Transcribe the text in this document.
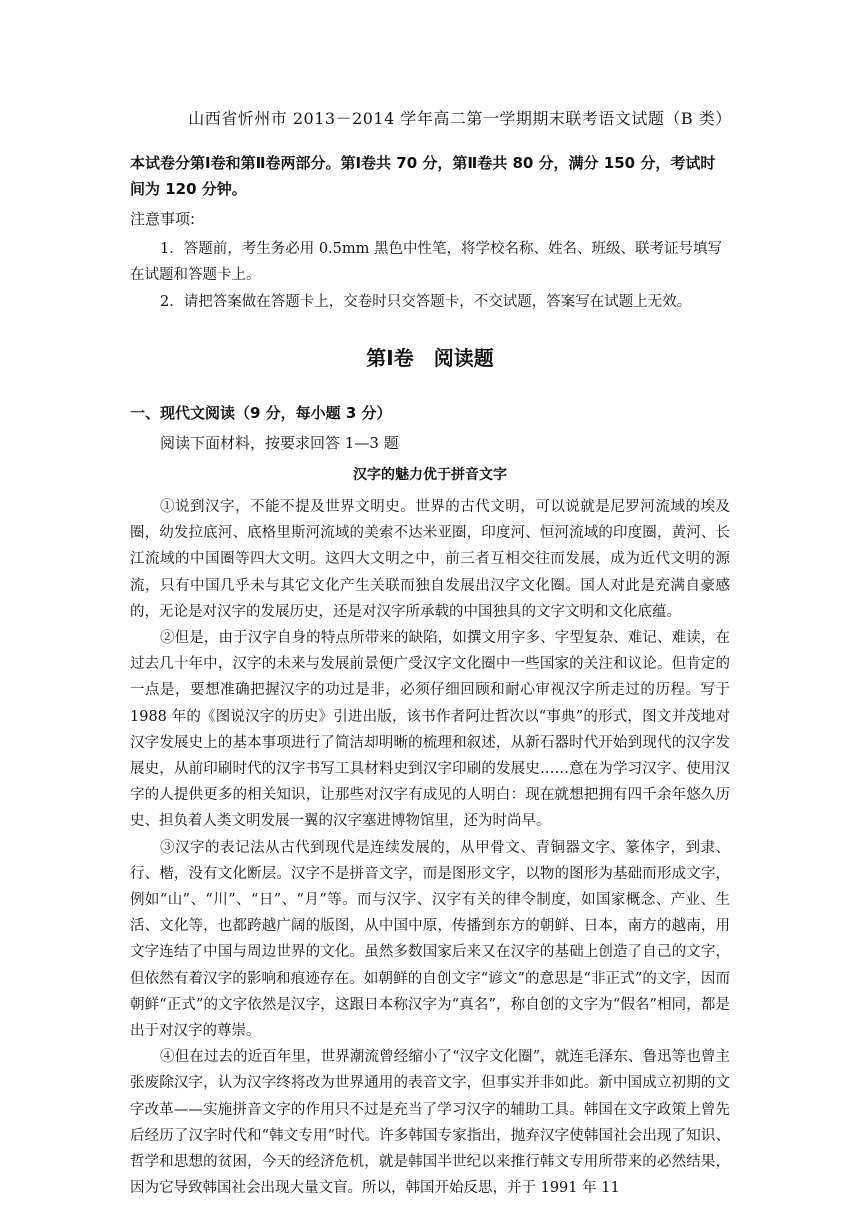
山西省忻州市 2013－2014 学年高二第一学期期末联考语文试题（B 类）
本试卷分第Ⅰ卷和第Ⅱ卷两部分。第Ⅰ卷共 70 分，第Ⅱ卷共 80 分，满分 150 分，考试时间为 120 分钟。
注意事项:
1．答题前，考生务必用 0.5mm 黑色中性笔，将学校名称、姓名、班级、联考证号填写在试题和答题卡上。
2．请把答案做在答题卡上，交卷时只交答题卡，不交试题，答案写在试题上无效。
第Ⅰ卷　阅读题
一、现代文阅读（9 分，每小题 3 分）
阅读下面材料，按要求回答 1—3 题
汉字的魅力优于拼音文字

①说到汉字，不能不提及世界文明史。世界的古代文明，可以说就是尼罗河流域的埃及圈，幼发拉底河、底格里斯河流域的美索不达米亚圈，印度河、恒河流域的印度圈，黄河、长江流域的中国圈等四大文明。这四大文明之中，前三者互相交往而发展，成为近代文明的源流，只有中国几乎未与其它文化产生关联而独自发展出汉字文化圈。国人对此是充满自豪感的，无论是对汉字的发展历史，还是对汉字所承载的中国独具的文字文明和文化底蕴。

②但是，由于汉字自身的特点所带来的缺陷，如撰文用字多、字型复杂、难记、难读，在过去几十年中，汉字的未来与发展前景便广受汉字文化圈中一些国家的关注和议论。但肯定的一点是，要想准确把握汉字的功过是非，必须仔细回顾和耐心审视汉字所走过的历程。写于 1988 年的《图说汉字的历史》引进出版，该书作者阿辻哲次以“事典”的形式，图文并茂地对汉字发展史上的基本事项进行了简洁却明晰的梳理和叙述，从新石器时代开始到现代的汉字发展史，从前印刷时代的汉字书写工具材料史到汉字印刷的发展史……意在为学习汉字、使用汉字的人提供更多的相关知识，让那些对汉字有成见的人明白：现在就想把拥有四千余年悠久历史、担负着人类文明发展一翼的汉字塞进博物馆里，还为时尚早。

③汉字的表记法从古代到现代是连续发展的，从甲骨文、青铜器文字、篆体字，到隶、行、楷，没有文化断层。汉字不是拼音文字，而是图形文字，以物的图形为基础而形成文字，例如“山”、“川”、“日”、“月”等。而与汉字、汉字有关的律令制度，如国家概念、产业、生活、文化等，也都跨越广阔的版图，从中国中原，传播到东方的朝鲜、日本，南方的越南，用文字连结了中国与周边世界的文化。虽然多数国家后来又在汉字的基础上创造了自己的文字，但依然有着汉字的影响和痕迹存在。如朝鲜的自创文字“谚文”的意思是“非正式”的文字，因而朝鲜“正式”的文字依然是汉字，这跟日本称汉字为“真名”，称自创的文字为“假名”相同，都是出于对汉字的尊崇。

④但在过去的近百年里，世界潮流曾经缩小了“汉字文化圈”，就连毛泽东、鲁迅等也曾主张废除汉字，认为汉字终将改为世界通用的表音文字，但事实并非如此。新中国成立初期的文字改革——实施拼音文字的作用只不过是充当了学习汉字的辅助工具。韩国在文字政策上曾先后经历了汉字时代和“韩文专用”时代。许多韩国专家指出，抛弃汉字使韩国社会出现了知识、哲学和思想的贫困，今天的经济危机，就是韩国半世纪以来推行韩文专用所带来的必然结果，因为它导致韩国社会出现大量文盲。所以，韩国开始反思，并于 1991 年 11
